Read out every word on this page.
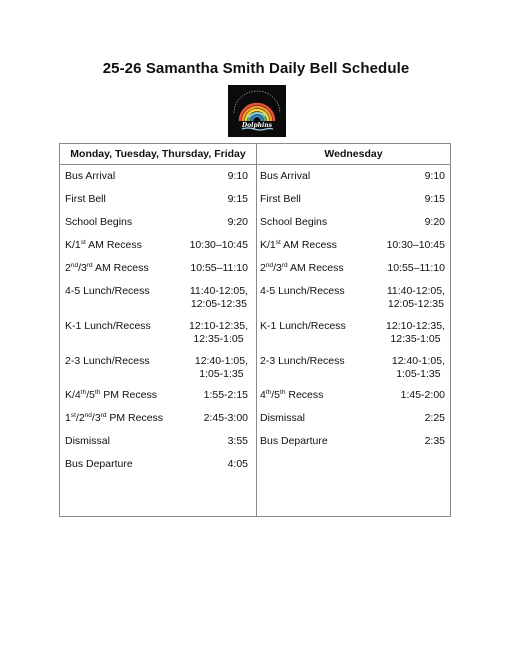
25-26 Samantha Smith Daily Bell Schedule
Dolphins
Monday, Tuesday, Thursday, Friday
Bus Arrival	9:10
First Bell	9:15
School Begins	9:20
K/1st AM Recess	10:30–10:45
2nd/3rd AM Recess	10:55–11:10
4-5 Lunch/Recess	11:40-12:05,
12:05-12:35
K-1 Lunch/Recess	12:10-12:35,
12:35-1:05
2-3 Lunch/Recess	12:40-1:05,
1:05-1:35
K/4th/5th PM Recess	1:55-2:15
1st/2nd/3rd PM Recess	2:45-3:00
Dismissal	3:55
Bus Departure	4:05
Wednesday
Bus Arrival	9:10
First Bell	9:15
School Begins	9:20
K/1st AM Recess	10:30–10:45
2nd/3rd AM Recess	10:55–11:10
4-5 Lunch/Recess	11:40-12:05,
12:05-12:35
K-1 Lunch/Recess	12:10-12:35,
12:35-1:05
2-3 Lunch/Recess	12:40-1:05,
1:05-1:35
4th/5th Recess	1:45-2:00
Dismissal	2:25
Bus Departure	2:35
